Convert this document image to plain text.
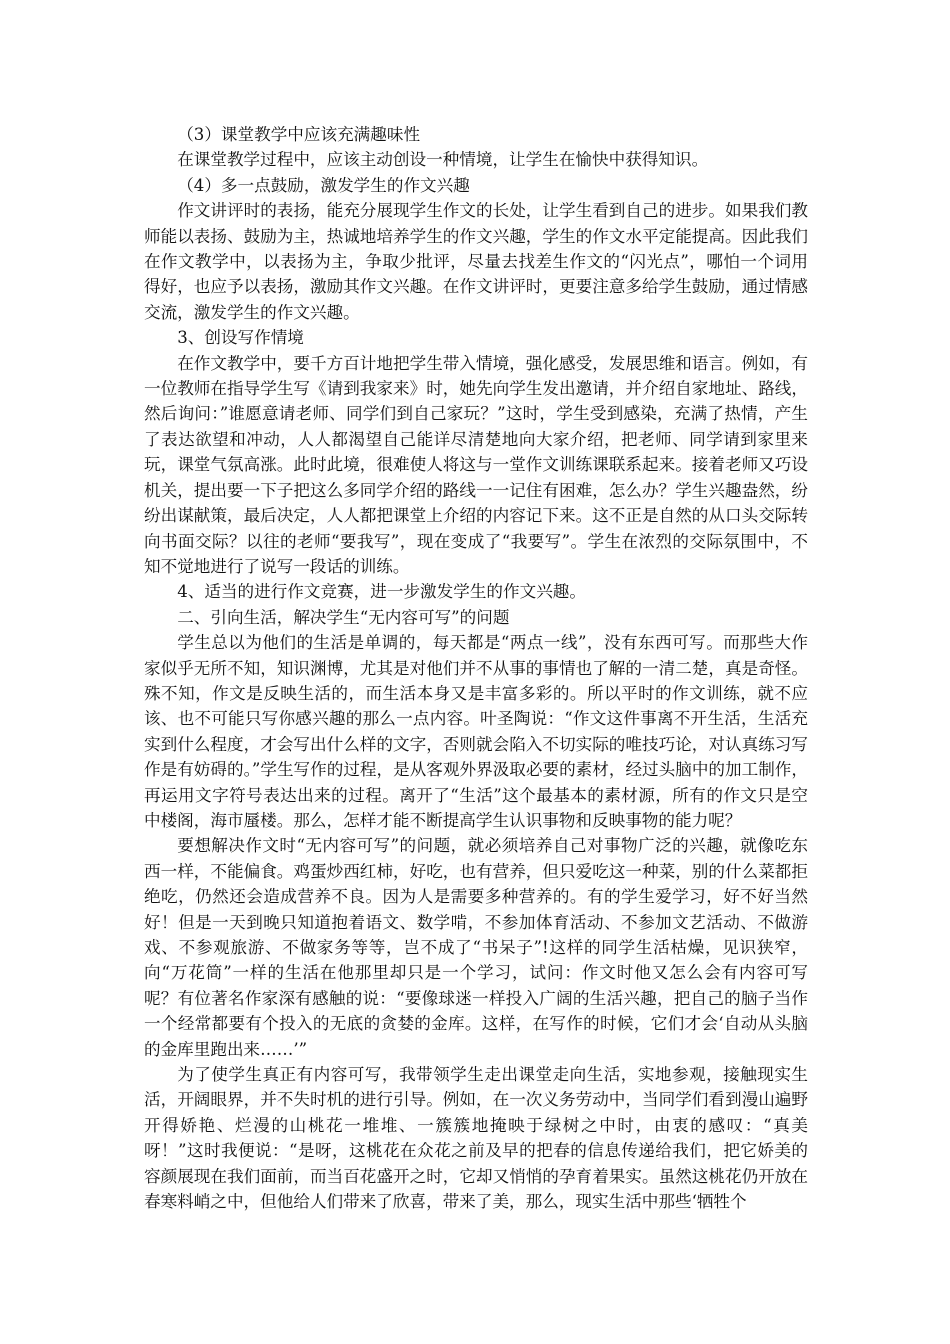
（3）课堂教学中应该充满趣味性

在课堂教学过程中，应该主动创设一种情境，让学生在愉快中获得知识。

（4）多一点鼓励，激发学生的作文兴趣

作文讲评时的表扬，能充分展现学生作文的长处，让学生看到自己的进步。如果我们教师能以表扬、鼓励为主，热诚地培养学生的作文兴趣，学生的作文水平定能提高。因此我们在作文教学中，以表扬为主，争取少批评，尽量去找差生作文的“闪光点”，哪怕一个词用得好，也应予以表扬，激励其作文兴趣。在作文讲评时，更要注意多给学生鼓励，通过情感交流，激发学生的作文兴趣。

3、创设写作情境

在作文教学中，要千方百计地把学生带入情境，强化感受，发展思维和语言。例如，有一位教师在指导学生写《请到我家来》时，她先向学生发出邀请，并介绍自家地址、路线，然后询问：”谁愿意请老师、同学们到自己家玩？”这时，学生受到感染，充满了热情，产生了表达欲望和冲动，人人都渴望自己能详尽清楚地向大家介绍，把老师、同学请到家里来玩，课堂气氛高涨。此时此境，很难使人将这与一堂作文训练课联系起来。接着老师又巧设机关，提出要一下子把这么多同学介绍的路线一一记住有困难，怎么办？学生兴趣盎然，纷纷出谋献策，最后决定，人人都把课堂上介绍的内容记下来。这不正是自然的从口头交际转向书面交际？以往的老师“要我写”，现在变成了“我要写”。学生在浓烈的交际氛围中，不知不觉地进行了说写一段话的训练。

4、适当的进行作文竞赛，进一步激发学生的作文兴趣。

二、引向生活，解决学生“无内容可写”的问题

学生总以为他们的生活是单调的，每天都是“两点一线”，没有东西可写。而那些大作家似乎无所不知，知识渊博，尤其是对他们并不从事的事情也了解的一清二楚，真是奇怪。殊不知，作文是反映生活的，而生活本身又是丰富多彩的。所以平时的作文训练，就不应该、也不可能只写你感兴趣的那么一点内容。叶圣陶说：“作文这件事离不开生活，生活充实到什么程度，才会写出什么样的文字，否则就会陷入不切实际的唯技巧论，对认真练习写作是有妨碍的。”学生写作的过程，是从客观外界汲取必要的素材，经过头脑中的加工制作，再运用文字符号表达出来的过程。离开了“生活”这个最基本的素材源，所有的作文只是空中楼阁，海市蜃楼。那么，怎样才能不断提高学生认识事物和反映事物的能力呢？

要想解决作文时“无内容可写”的问题，就必须培养自己对事物广泛的兴趣，就像吃东西一样，不能偏食。鸡蛋炒西红柿，好吃，也有营养，但只爱吃这一种菜，别的什么菜都拒绝吃，仍然还会造成营养不良。因为人是需要多种营养的。有的学生爱学习，好不好当然好！但是一天到晚只知道抱着语文、数学啃，不参加体育活动、不参加文艺活动、不做游戏、不参观旅游、不做家务等等，岂不成了“书呆子”!这样的同学生活枯燥，见识狭窄，向“万花筒”一样的生活在他那里却只是一个学习，试问：作文时他又怎么会有内容可写呢？有位著名作家深有感触的说：“要像球迷一样投入广阔的生活兴趣，把自己的脑子当作一个经常都要有个投入的无底的贪婪的金库。这样，在写作的时候，它们才会‘自动从头脑的金库里跑出来……’”

为了使学生真正有内容可写，我带领学生走出课堂走向生活，实地参观，接触现实生活，开阔眼界，并不失时机的进行引导。例如，在一次义务劳动中，当同学们看到漫山遍野开得娇艳、烂漫的山桃花一堆堆、一簇簇地掩映于绿树之中时，由衷的感叹：“真美呀！”这时我便说：“是呀，这桃花在众花之前及早的把春的信息传递给我们，把它娇美的容颜展现在我们面前，而当百花盛开之时，它却又悄悄的孕育着果实。虽然这桃花仍开放在春寒料峭之中，但他给人们带来了欣喜，带来了美，那么，现实生活中那些‘牺牲个
